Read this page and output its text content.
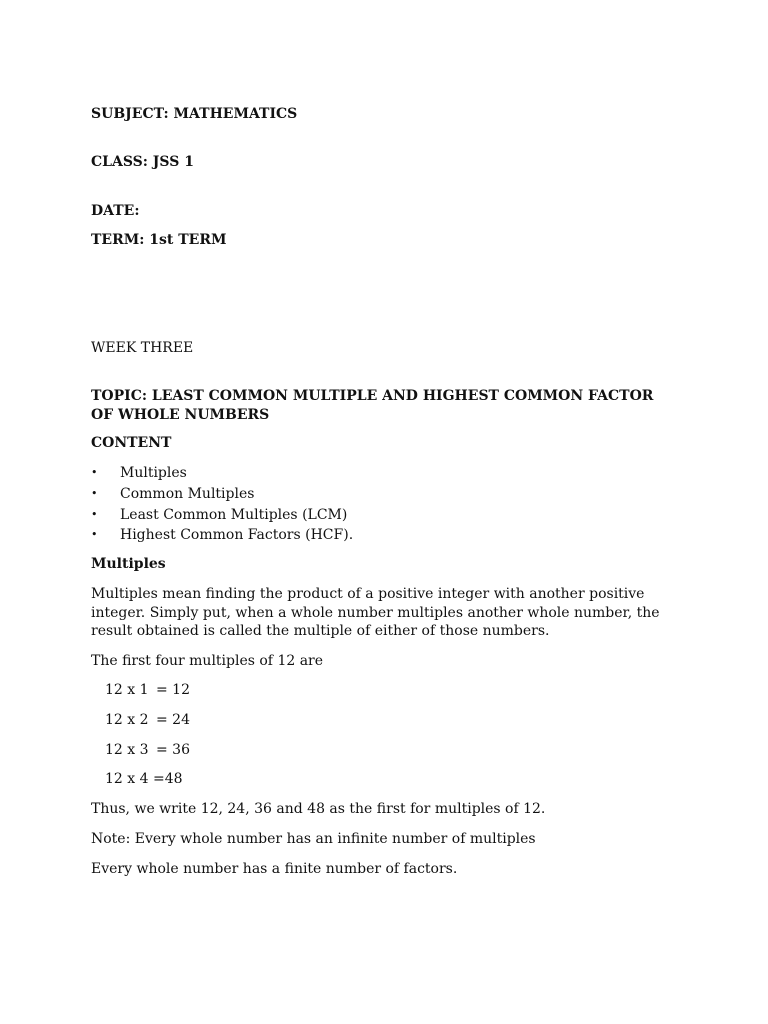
SUBJECT: MATHEMATICS
CLASS: JSS 1
DATE:
TERM: 1st TERM
WEEK THREE
TOPIC: LEAST COMMON MULTIPLE AND HIGHEST COMMON FACTOR OF WHOLE NUMBERS
CONTENT
• Multiples
• Common Multiples
• Least Common Multiples (LCM)
• Highest Common Factors (HCF).
Multiples
Multiples mean finding the product of a positive integer with another positive integer. Simply put, when a whole number multiples another whole number, the result obtained is called the multiple of either of those numbers.
The first four multiples of 12 are
12 x 1 = 12
12 x 2 = 24
12 x 3 = 36
12 x 4 =48
Thus, we write 12, 24, 36 and 48 as the first for multiples of 12.
Note: Every whole number has an infinite number of multiples
Every whole number has a finite number of factors.
